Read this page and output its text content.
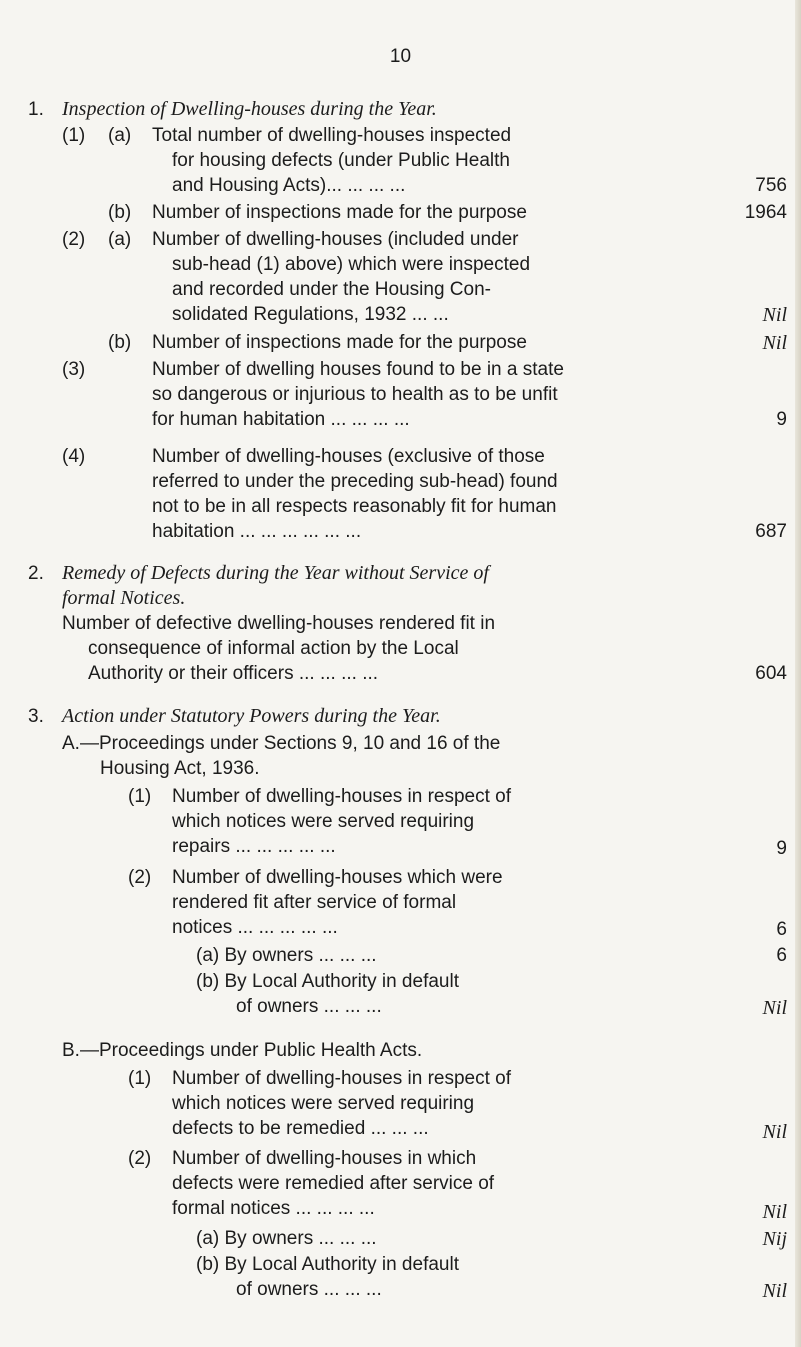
10
1. Inspection of Dwelling-houses during the Year.
(1) (a) Total number of dwelling-houses inspected
for housing defects (under Public Health
and Housing Acts)... ... ... ...	756
(b) Number of inspections made for the purpose	1964
(2) (a) Number of dwelling-houses (included under
sub-head (1) above) which were inspected
and recorded under the Housing Con-
solidated Regulations, 1932 ... ...	Nil
(b) Number of inspections made for the purpose	Nil
(3)	Number of dwelling houses found to be in a state
so dangerous or injurious to health as to be unfit
for human habitation ... ... ... ...	9
(4)	Number of dwelling-houses (exclusive of those
referred to under the preceding sub-head) found
not to be in all respects reasonably fit for human
habitation ... ... ... ... ... ...	687
2. Remedy of Defects during the Year without Service of
formal Notices.
Number of defective dwelling-houses rendered fit in
consequence of informal action by the Local
Authority or their officers ... ... ... ...	604
3. Action under Statutory Powers during the Year.
A.—Proceedings under Sections 9, 10 and 16 of the
Housing Act, 1936.
(1) Number of dwelling-houses in respect of
which notices were served requiring
repairs ... ... ... ... ...	9
(2) Number of dwelling-houses which were
rendered fit after service of formal
notices ... ... ... ... ...	6
(a) By owners ... ... ...	6
(b) By Local Authority in default
of owners ... ... ...	Nil
B.—Proceedings under Public Health Acts.
(1) Number of dwelling-houses in respect of
which notices were served requiring
defects to be remedied ... ... ...	Nil
(2) Number of dwelling-houses in which
defects were remedied after service of
formal notices ... ... ... ...	Nil
(a) By owners ... ... ...	Nij
(b) By Local Authority in default
of owners ... ... ...	Nil
